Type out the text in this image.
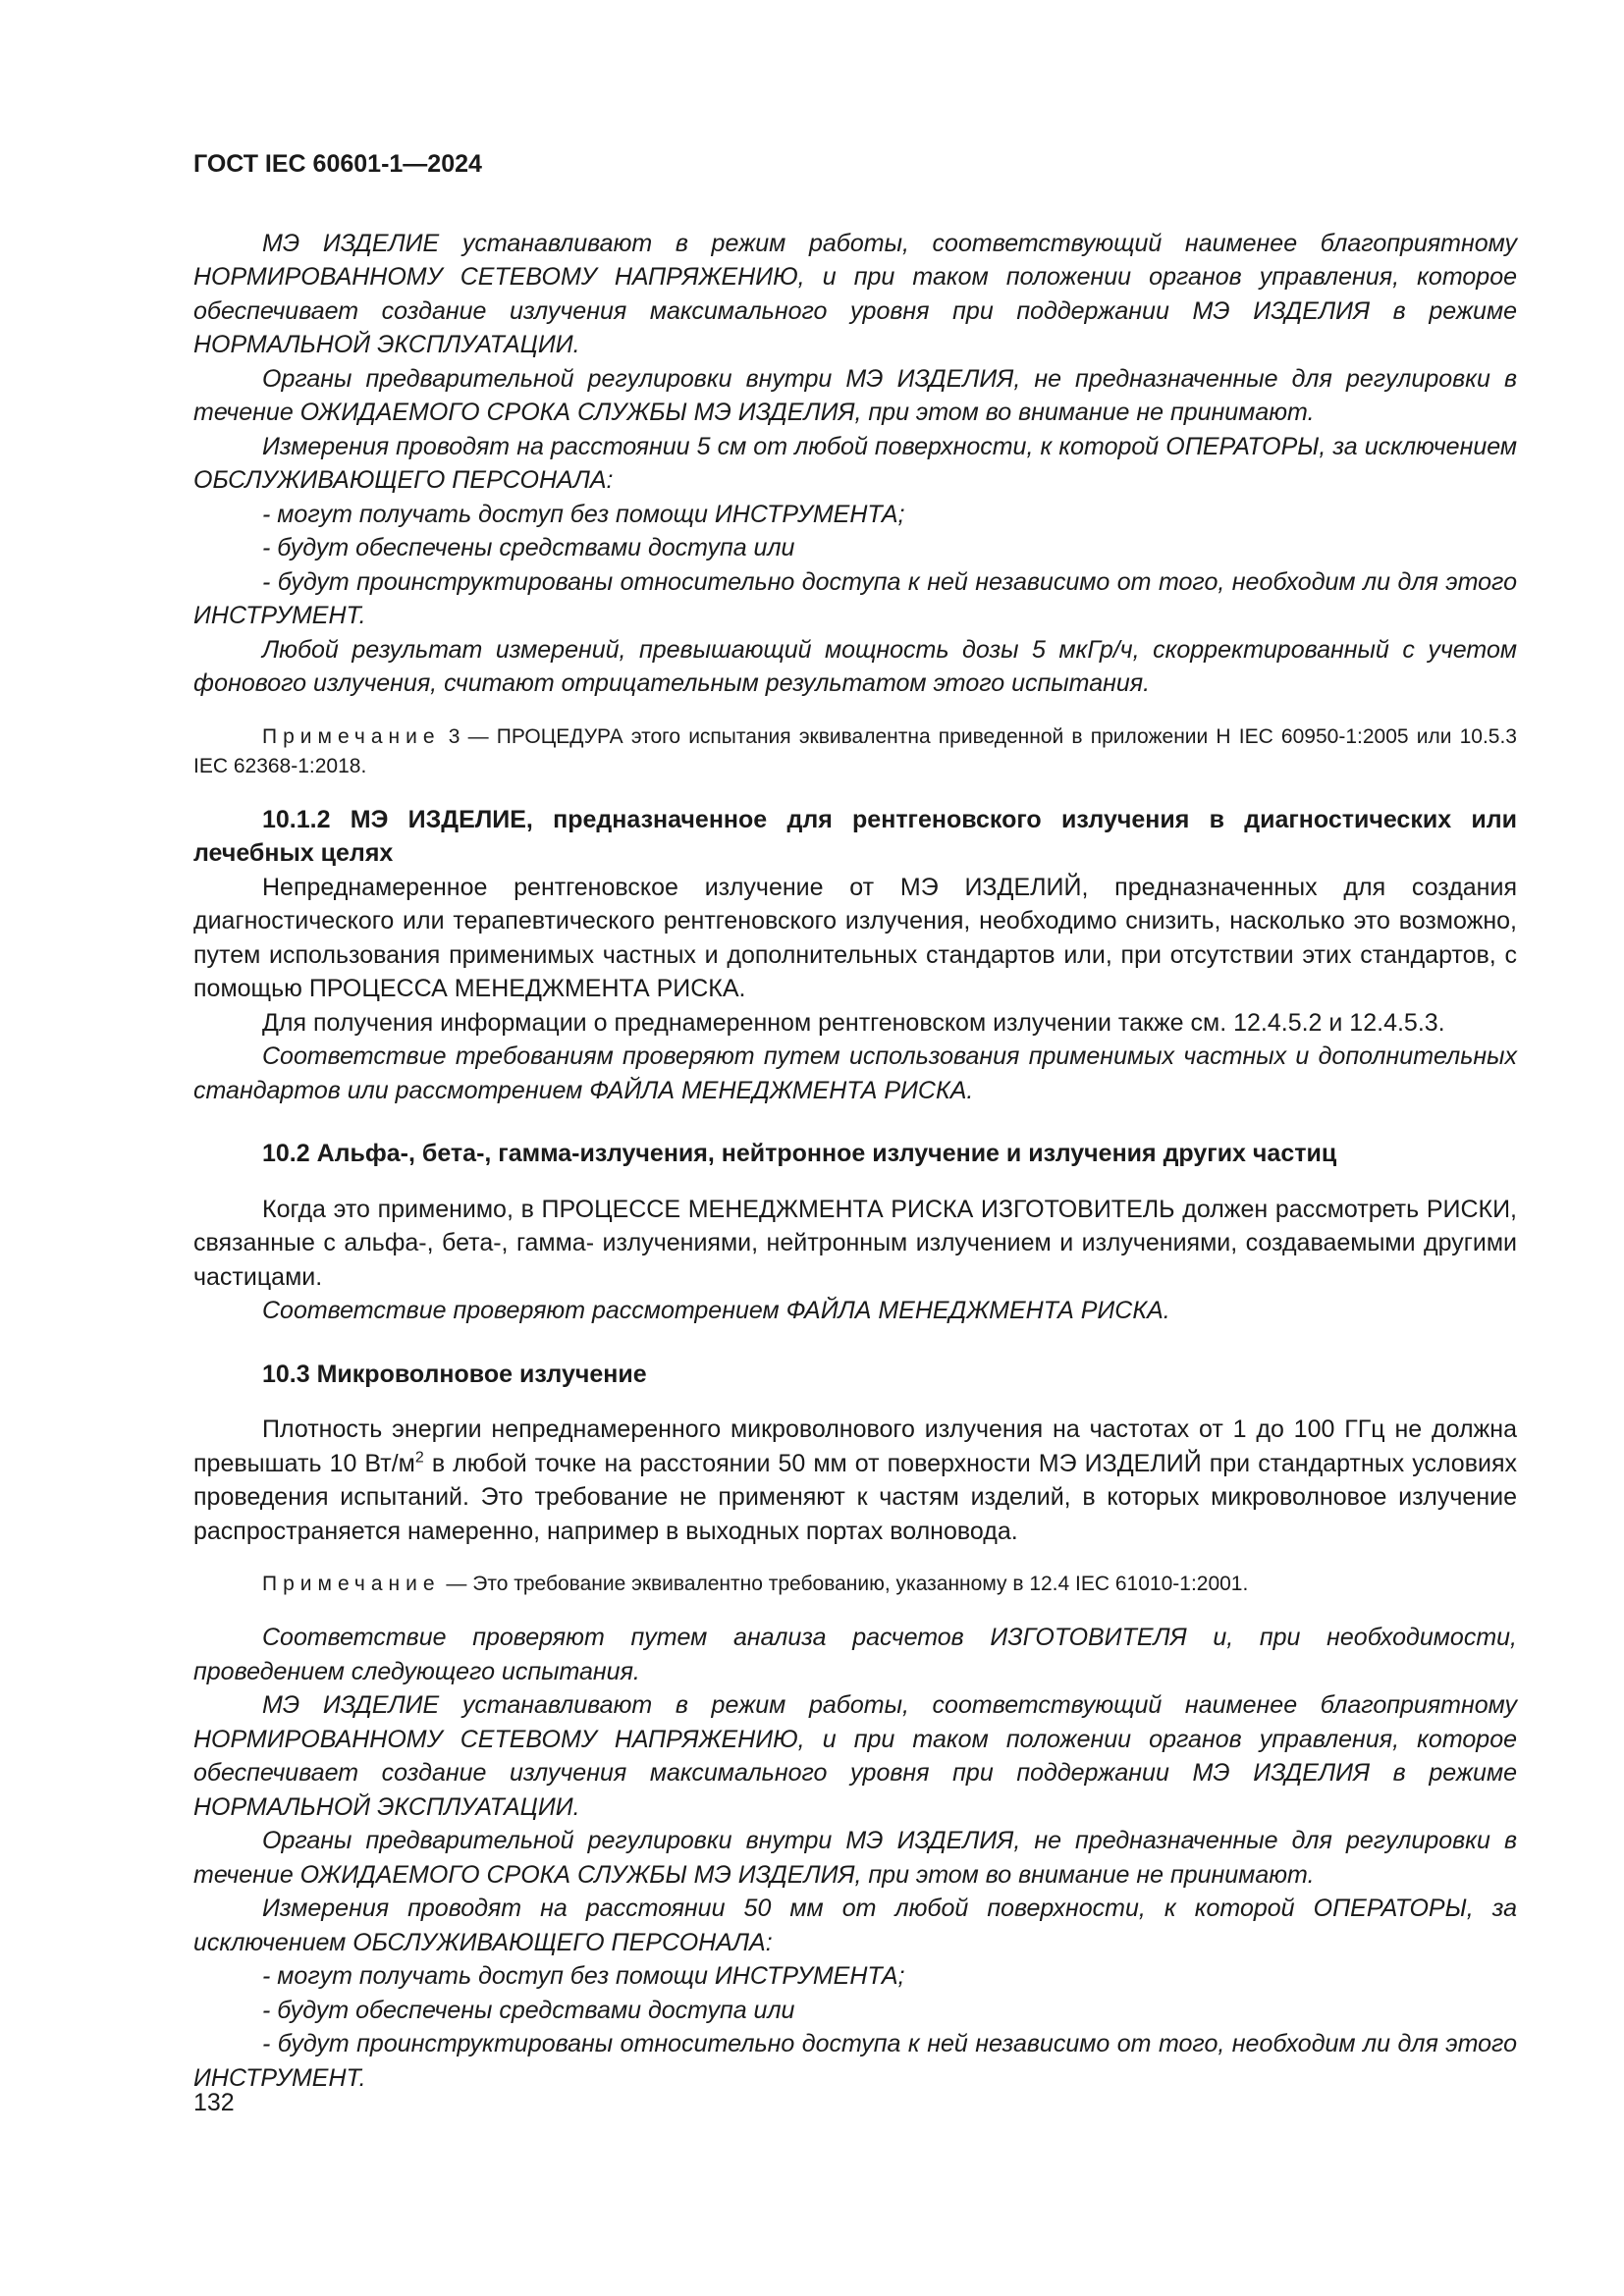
ГОСТ IEC 60601-1—2024

МЭ ИЗДЕЛИЕ устанавливают в режим работы, соответствующий наименее благоприятному НОРМИРОВАННОМУ СЕТЕВОМУ НАПРЯЖЕНИЮ, и при таком положении органов управления, которое обеспечивает создание излучения максимального уровня при поддержании МЭ ИЗДЕЛИЯ в режиме НОРМАЛЬНОЙ ЭКСПЛУАТАЦИИ.

Органы предварительной регулировки внутри МЭ ИЗДЕЛИЯ, не предназначенные для регулировки в течение ОЖИДАЕМОГО СРОКА СЛУЖБЫ МЭ ИЗДЕЛИЯ, при этом во внимание не принимают.

Измерения проводят на расстоянии 5 см от любой поверхности, к которой ОПЕРАТОРЫ, за исключением ОБСЛУЖИВАЮЩЕГО ПЕРСОНАЛА:

- могут получать доступ без помощи ИНСТРУМЕНТА;

- будут обеспечены средствами доступа или

- будут проинструктированы относительно доступа к ней независимо от того, необходим ли для этого ИНСТРУМЕНТ.

Любой результат измерений, превышающий мощность дозы 5 мкГр/ч, скорректированный с учетом фонового излучения, считают отрицательным результатом этого испытания.

Примечание 3 — ПРОЦЕДУРА этого испытания эквивалентна приведенной в приложении H IEC 60950-1:2005 или 10.5.3 IEC 62368-1:2018.

10.1.2 МЭ ИЗДЕЛИЕ, предназначенное для рентгеновского излучения в диагностических или лечебных целях

Непреднамеренное рентгеновское излучение от МЭ ИЗДЕЛИЙ, предназначенных для создания диагностического или терапевтического рентгеновского излучения, необходимо снизить, насколько это возможно, путем использования применимых частных и дополнительных стандартов или, при отсутствии этих стандартов, с помощью ПРОЦЕССА МЕНЕДЖМЕНТА РИСКА.

Для получения информации о преднамеренном рентгеновском излучении также см. 12.4.5.2 и 12.4.5.3.

Соответствие требованиям проверяют путем использования применимых частных и дополнительных стандартов или рассмотрением ФАЙЛА МЕНЕДЖМЕНТА РИСКА.

10.2 Альфа-, бета-, гамма-излучения, нейтронное излучение и излучения других частиц

Когда это применимо, в ПРОЦЕССЕ МЕНЕДЖМЕНТА РИСКА ИЗГОТОВИТЕЛЬ должен рассмотреть РИСКИ, связанные с альфа-, бета-, гамма- излучениями, нейтронным излучением и излучениями, создаваемыми другими частицами.

Соответствие проверяют рассмотрением ФАЙЛА МЕНЕДЖМЕНТА РИСКА.

10.3 Микроволновое излучение

Плотность энергии непреднамеренного микроволнового излучения на частотах от 1 до 100 ГГц не должна превышать 10 $Вт/м^2$ в любой точке на расстоянии 50 мм от поверхности МЭ ИЗДЕЛИЙ при стандартных условиях проведения испытаний. Это требование не применяют к частям изделий, в которых микроволновое излучение распространяется намеренно, например в выходных портах волновода.

Примечание — Это требование эквивалентно требованию, указанному в 12.4 IEC 61010-1:2001.

Соответствие проверяют путем анализа расчетов ИЗГОТОВИТЕЛЯ и, при необходимости, проведением следующего испытания.

МЭ ИЗДЕЛИЕ устанавливают в режим работы, соответствующий наименее благоприятному НОРМИРОВАННОМУ СЕТЕВОМУ НАПРЯЖЕНИЮ, и при таком положении органов управления, которое обеспечивает создание излучения максимального уровня при поддержании МЭ ИЗДЕЛИЯ в режиме НОРМАЛЬНОЙ ЭКСПЛУАТАЦИИ.

Органы предварительной регулировки внутри МЭ ИЗДЕЛИЯ, не предназначенные для регулировки в течение ОЖИДАЕМОГО СРОКА СЛУЖБЫ МЭ ИЗДЕЛИЯ, при этом во внимание не принимают.

Измерения проводят на расстоянии 50 мм от любой поверхности, к которой ОПЕРАТОРЫ, за исключением ОБСЛУЖИВАЮЩЕГО ПЕРСОНАЛА:

- могут получать доступ без помощи ИНСТРУМЕНТА;

- будут обеспечены средствами доступа или

- будут проинструктированы относительно доступа к ней независимо от того, необходим ли для этого ИНСТРУМЕНТ.

132
